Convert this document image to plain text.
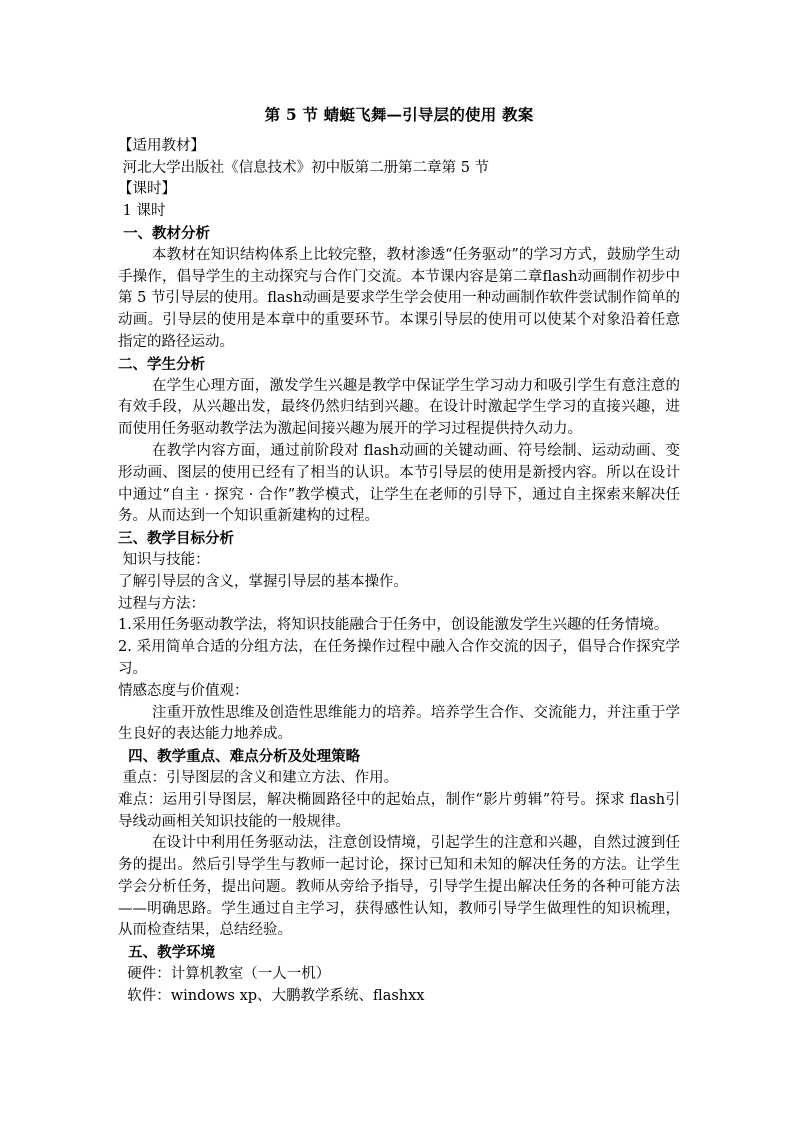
第 5 节 蜻蜓飞舞—引导层的使用 教案
【适用教材】
河北大学出版社《信息技术》初中版第二册第二章第 5 节
【课时】
1 课时
一、教材分析
本教材在知识结构体系上比较完整，教材渗透“任务驱动”的学习方式，鼓励学生动手操作，倡导学生的主动探究与合作门交流。本节课内容是第二章flash动画制作初步中第 5 节引导层的使用。flash动画是要求学生学会使用一种动画制作软件尝试制作简单的动画。引导层的使用是本章中的重要环节。本课引导层的使用可以使某个对象沿着任意指定的路径运动。
二、学生分析
在学生心理方面，激发学生兴趣是教学中保证学生学习动力和吸引学生有意注意的有效手段，从兴趣出发，最终仍然归结到兴趣。在设计时激起学生学习的直接兴趣，进而使用任务驱动教学法为激起间接兴趣为展开的学习过程提供持久动力。
在教学内容方面，通过前阶段对 flash动画的关键动画、符号绘制、运动动画、变形动画、图层的使用已经有了相当的认识。本节引导层的使用是新授内容。所以在设计中通过“自主 · 探究 · 合作”教学模式，让学生在老师的引导下，通过自主探索来解决任务。从而达到一个知识重新建构的过程。
三、教学目标分析
知识与技能：
了解引导层的含义，掌握引导层的基本操作。
过程与方法：
1.采用任务驱动教学法，将知识技能融合于任务中，创设能激发学生兴趣的任务情境。
2. 采用简单合适的分组方法，在任务操作过程中融入合作交流的因子，倡导合作探究学习。
情感态度与价值观：
注重开放性思维及创造性思维能力的培养。培养学生合作、交流能力，并注重于学生良好的表达能力地养成。
四、教学重点、难点分析及处理策略
重点：引导图层的含义和建立方法、作用。
难点：运用引导图层，解决椭圆路径中的起始点，制作“影片剪辑”符号。探求 flash引导线动画相关知识技能的一般规律。
在设计中利用任务驱动法，注意创设情境，引起学生的注意和兴趣，自然过渡到任务的提出。然后引导学生与教师一起讨论，探讨已知和未知的解决任务的方法。让学生学会分析任务，提出问题。教师从旁给予指导，引导学生提出解决任务的各种可能方法——明确思路。学生通过自主学习，获得感性认知，教师引导学生做理性的知识梳理，从而检查结果，总结经验。
五、教学环境
硬件：计算机教室（一人一机）
软件：windows xp、大鹏教学系统、flashxx
